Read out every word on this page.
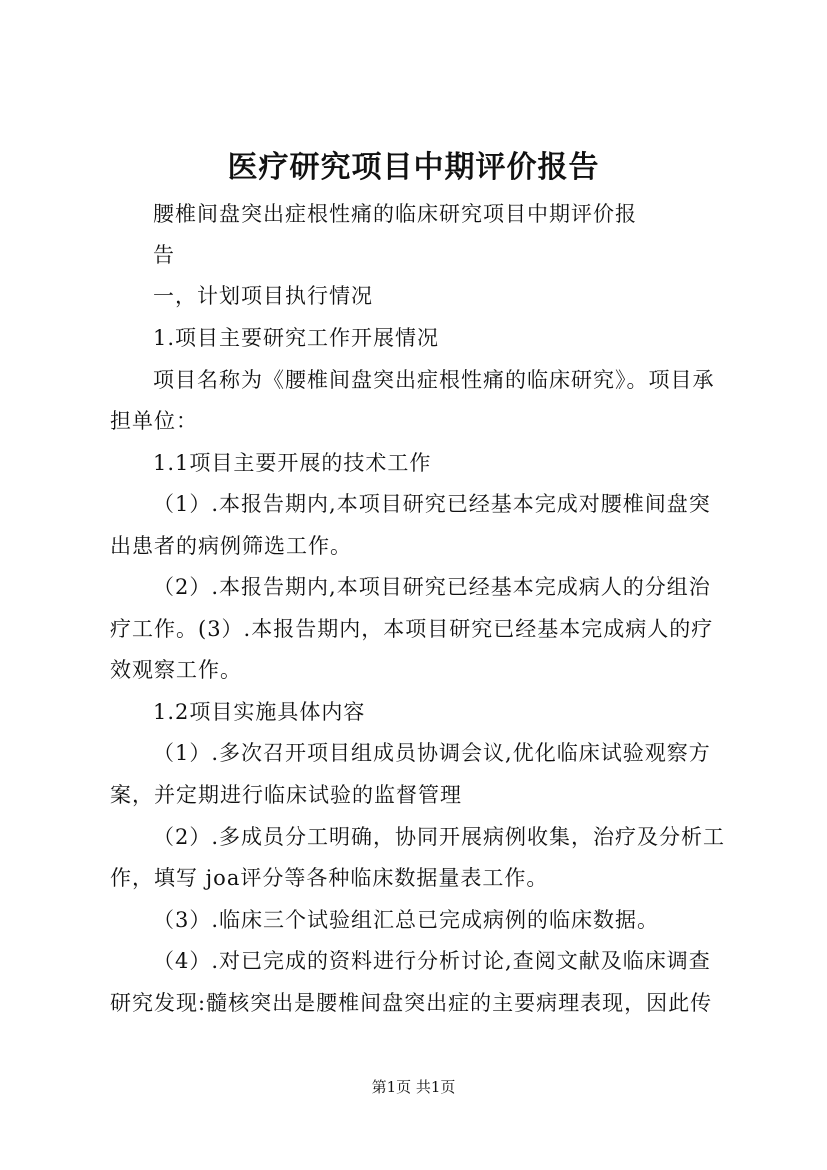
医疗研究项目中期评价报告
腰椎间盘突出症根性痛的临床研究项目中期评价报
告
一，计划项目执行情况
1.项目主要研究工作开展情况
项目名称为《腰椎间盘突出症根性痛的临床研究》。项目承
担单位：
1.1项目主要开展的技术工作
（1）.本报告期内,本项目研究已经基本完成对腰椎间盘突
出患者的病例筛选工作。
（2）.本报告期内,本项目研究已经基本完成病人的分组治
疗工作。(3）.本报告期内，本项目研究已经基本完成病人的疗
效观察工作。
1.2项目实施具体内容
（1）.多次召开项目组成员协调会议,优化临床试验观察方
案，并定期进行临床试验的监督管理
（2）.多成员分工明确，协同开展病例收集，治疗及分析工
作，填写 joa评分等各种临床数据量表工作。
（3）.临床三个试验组汇总已完成病例的临床数据。
（4）.对已完成的资料进行分析讨论,查阅文献及临床调查
研究发现:髓核突出是腰椎间盘突出症的主要病理表现，因此传
第1页 共1页
